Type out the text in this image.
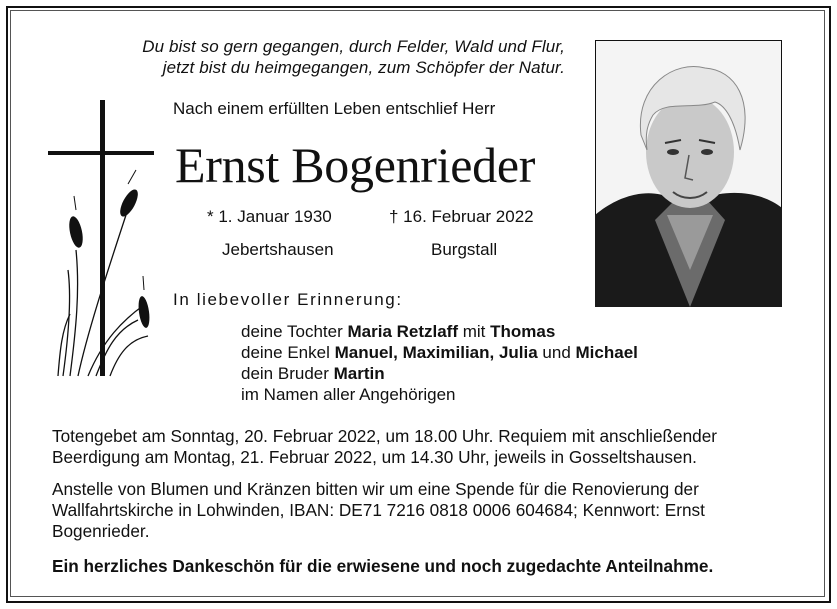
Du bist so gern gegangen, durch Felder, Wald und Flur,
jetzt bist du heimgegangen, zum Schöpfer der Natur.
Nach einem erfüllten Leben entschlief Herr
Ernst Bogenrieder
* 1. Januar 1930	† 16. Februar 2022
Jebertshausen	Burgstall
In liebevoller Erinnerung:
deine Tochter Maria Retzlaff mit Thomas
deine Enkel Manuel, Maximilian, Julia und Michael
dein Bruder Martin
im Namen aller Angehörigen

Totengebet am Sonntag, 20. Februar 2022, um 18.00 Uhr. Requiem mit anschließender Beerdigung am Montag, 21. Februar 2022, um 14.30 Uhr, jeweils in Gosseltshausen.

Anstelle von Blumen und Kränzen bitten wir um eine Spende für die Renovierung der Wallfahrtskirche in Lohwinden, IBAN: DE71 7216 0818 0006 604684; Kennwort: Ernst Bogenrieder.

Ein herzliches Dankeschön für die erwiesene und noch zugedachte Anteilnahme.
